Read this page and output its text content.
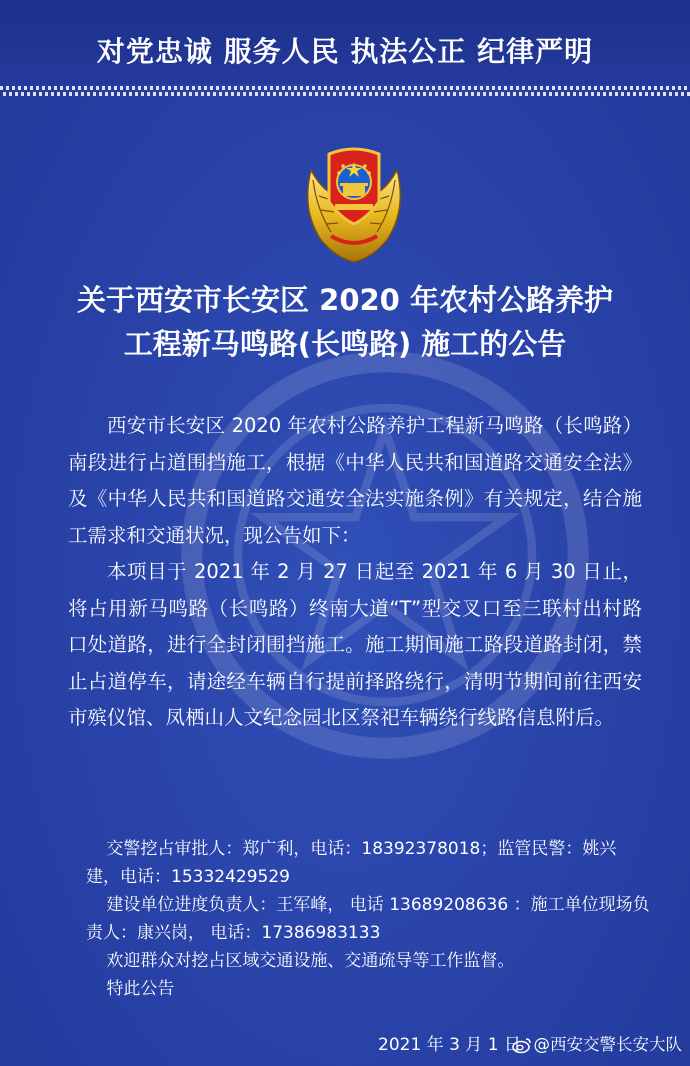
对党忠诚 服务人民 执法公正 纪律严明
关于西安市长安区 2020 年农村公路养护
工程新马鸣路(长鸣路) 施工的公告

西安市长安区 2020 年农村公路养护工程新马鸣路（长鸣路）南段进行占道围挡施工，根据《中华人民共和国道路交通安全法》及《中华人民共和国道路交通安全法实施条例》有关规定，结合施工需求和交通状况，现公告如下：

本项目于 2021 年 2 月 27 日起至 2021 年 6 月 30 日止，将占用新马鸣路（长鸣路）终南大道“T”型交叉口至三联村出村路口处道路，进行全封闭围挡施工。施工期间施工路段道路封闭，禁止占道停车，请途经车辆自行提前择路绕行，清明节期间前往西安市殡仪馆、凤栖山人文纪念园北区祭祀车辆绕行线路信息附后。

交警挖占审批人：郑广利，电话：18392378018；监管民警：姚兴建，电话：15332429529

建设单位进度负责人：王军峰， 电话 13689208636 ：施工单位现场负责人：康兴岗， 电话：17386983133

欢迎群众对挖占区域交通设施、交通疏导等工作监督。

特此公告

2021 年 3 月 1 日 @西安交警长安大队
